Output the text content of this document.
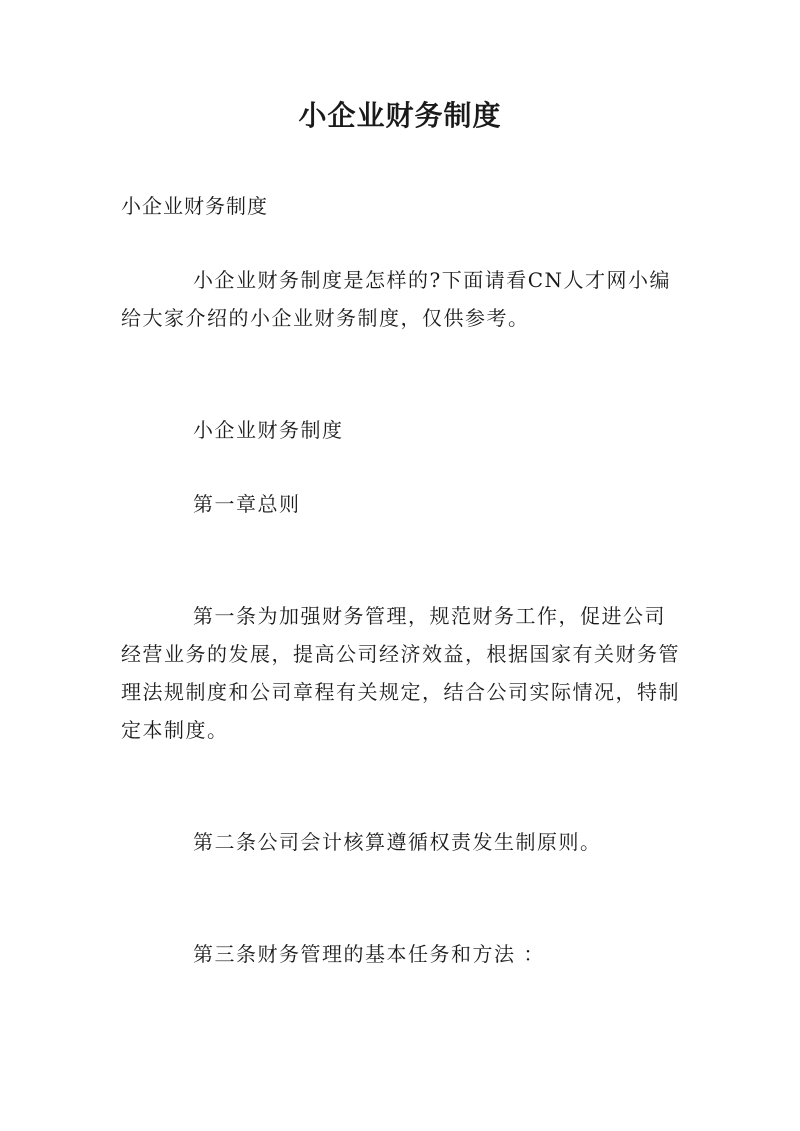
小企业财务制度
小企业财务制度

小企业财务制度是怎样的?下面请看CN人才网小编给大家介绍的小企业财务制度，仅供参考。

小企业财务制度

第一章总则

第一条为加强财务管理，规范财务工作，促进公司经营业务的发展，提高公司经济效益，根据国家有关财务管理法规制度和公司章程有关规定，结合公司实际情况，特制定本制度。

第二条公司会计核算遵循权责发生制原则。

第三条财务管理的基本任务和方法 ：
